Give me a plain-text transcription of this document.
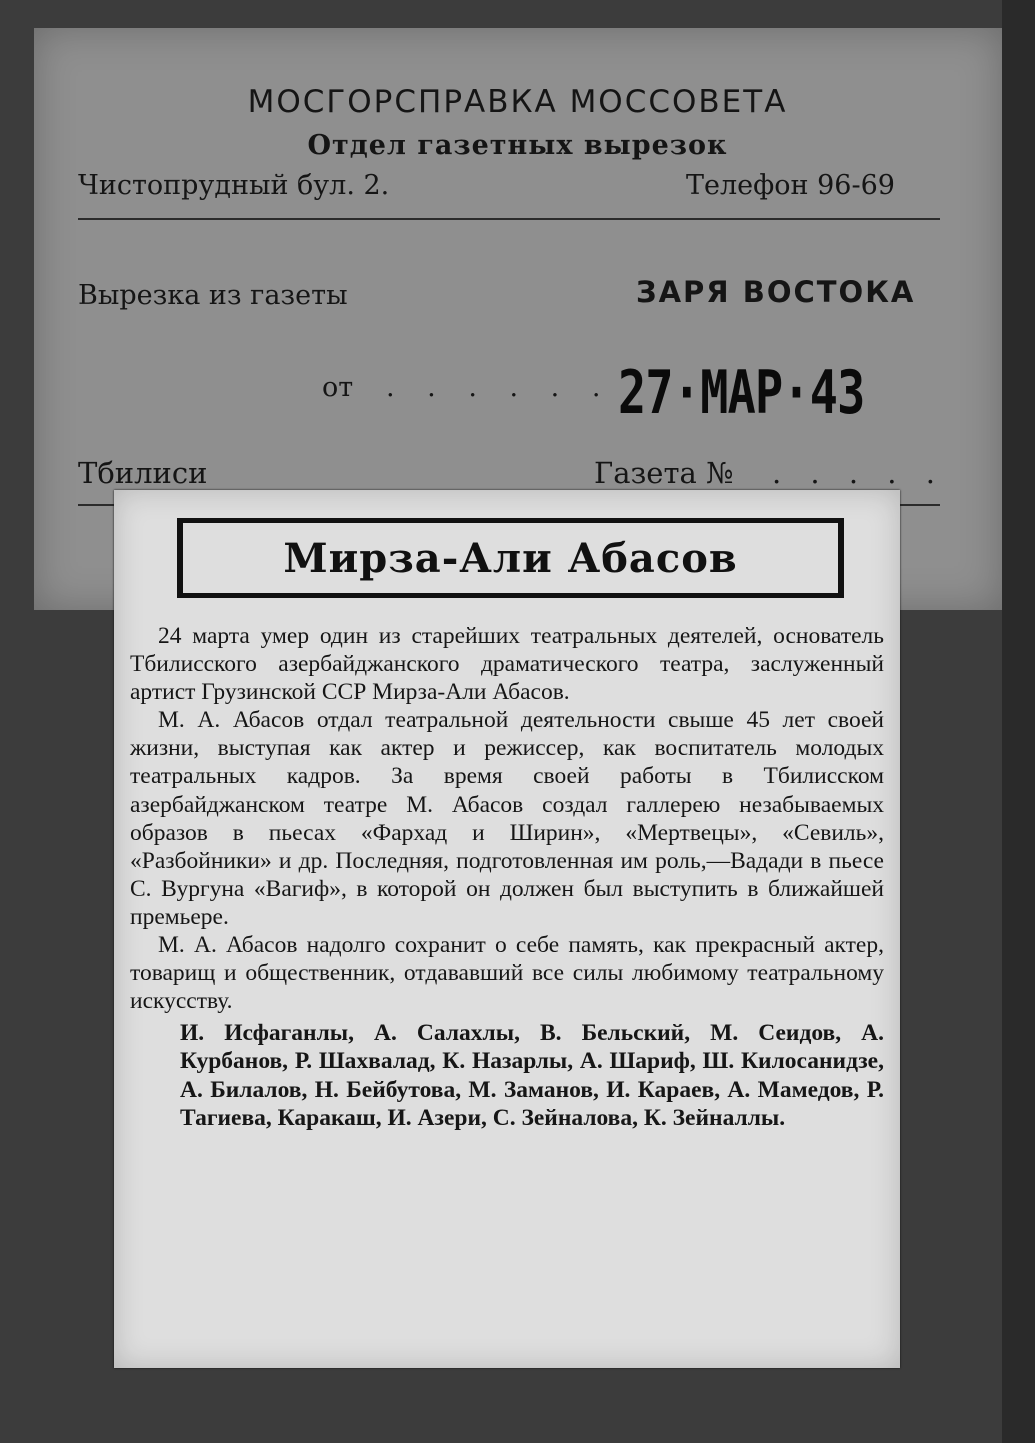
МОСГОРСПРАВКА МОССОВЕТА
Отдел газетных вырезок
Чистопрудный бул. 2.	Телефон 96-69
Вырезка из газеты	ЗАРЯ ВОСТОКА
от . . . . . . 27·МАР·43
Тбилиси	Газета № . . . . .
Мирза-Али Абасов

24 марта умер один из старейших театральных деятелей, основатель Тбилисского азербайджанского драматического театра, заслуженный артист Грузинской ССР Мирза-Али Абасов.

М. А. Абасов отдал театральной деятельности свыше 45 лет своей жизни, выступая как актер и режиссер, как воспитатель молодых театральных кадров. За время своей работы в Тбилисском азербайджанском театре М. Абасов создал галлерею незабываемых образов в пьесах «Фархад и Ширин», «Мертвецы», «Севиль», «Разбойники» и др. Последняя, подготовленная им роль,—Вадади в пьесе С. Вургуна «Вагиф», в которой он должен был выступить в ближайшей премьере.

М. А. Абасов надолго сохранит о себе память, как прекрасный актер, товарищ и общественник, отдававший все силы любимому театральному искусству.

И. Исфаганлы, А. Салахлы, В. Бельский, М. Сеидов, А. Курбанов, Р. Шахвалад, К. Назарлы, А. Шариф, Ш. Килосанидзе, А. Билалов, Н. Бейбутова, М. Заманов, И. Караев, А. Мамедов, Р. Тагиева, Каракаш, И. Азери, С. Зейналова, К. Зейналлы.
